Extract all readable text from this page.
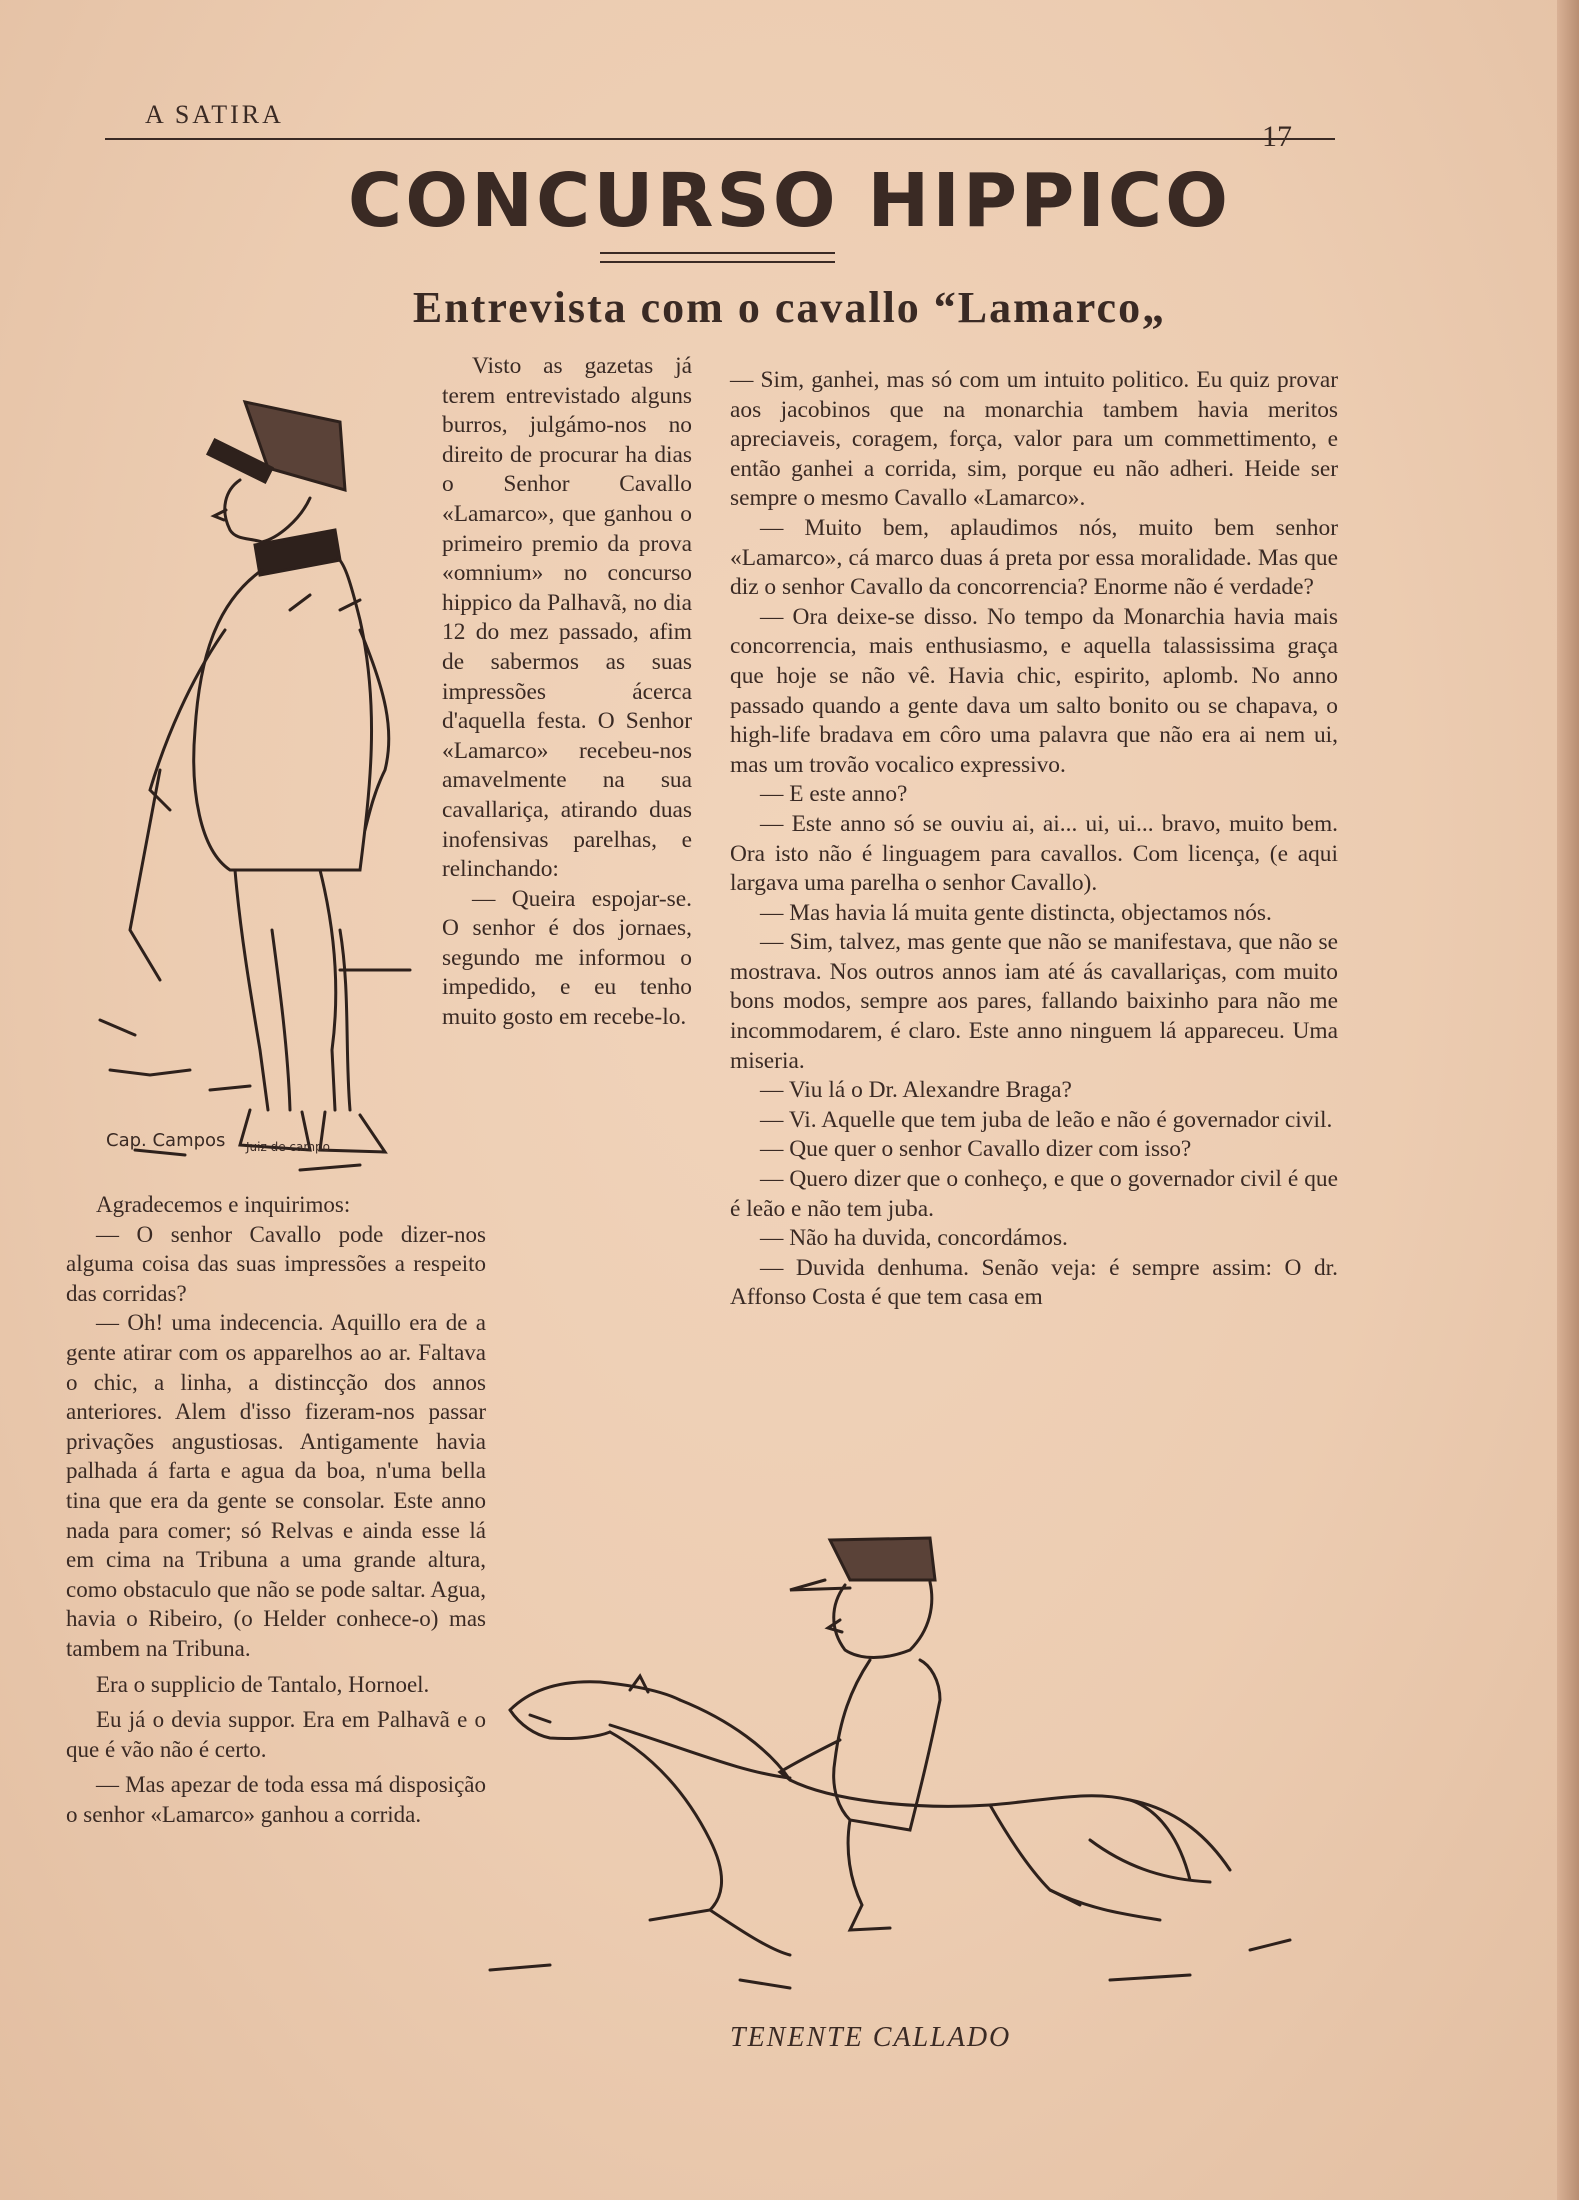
A SATIRA
17
CONCURSO HIPPICO
Entrevista com o cavallo “Lamarco„
Cap. Campos Juiz de campo

Visto as gazetas já terem entrevistado alguns burros, julgámo-nos no direito de procurar ha dias o Senhor Cavallo «Lamarco», que ganhou o primeiro premio da prova «omnium» no concurso hippico da Palhavã, no dia 12 do mez passado, afim de sabermos as suas impressões ácerca d'aquella festa. O Senhor «Lamarco» recebeu-nos amavelmente na sua cavallariça, atirando duas inofensivas parelhas, e relinchando:

— Queira espojar-se. O senhor é dos jornaes, segundo me informou o impedido, e eu tenho muito gosto em recebe-lo.

Agradecemos e inquirimos:

— O senhor Cavallo pode dizer-nos alguma coisa das suas impressões a respeito das corridas?

— Oh! uma indecencia. Aquillo era de a gente atirar com os apparelhos ao ar. Faltava o chic, a linha, a distincção dos annos anteriores. Alem d'isso fizeram-nos passar privações angustiosas. Antigamente havia palhada á farta e agua da boa, n'uma bella tina que era da gente se consolar. Este anno nada para comer; só Relvas e ainda esse lá em cima na Tribuna a uma grande altura, como obstaculo que não se pode saltar. Agua, havia o Ribeiro, (o Helder conhece-o) mas tambem na Tribuna.

Era o supplicio de Tantalo, Hornoel.

Eu já o devia suppor. Era em Palhavã e o que é vão não é certo.

— Mas apezar de toda essa má disposição o senhor «Lamarco» ganhou a corrida.

— Sim, ganhei, mas só com um intuito politico. Eu quiz provar aos jacobinos que na monarchia tambem havia meritos apreciaveis, coragem, força, valor para um commettimento, e então ganhei a corrida, sim, porque eu não adheri. Heide ser sempre o mesmo Cavallo «Lamarco».

— Muito bem, aplaudimos nós, muito bem senhor «Lamarco», cá marco duas á preta por essa moralidade. Mas que diz o senhor Cavallo da concorrencia? Enorme não é verdade?

— Ora deixe-se disso. No tempo da Monarchia havia mais concorrencia, mais enthusiasmo, e aquella talassissima graça que hoje se não vê. Havia chic, espirito, aplomb. No anno passado quando a gente dava um salto bonito ou se chapava, o high-life bradava em côro uma palavra que não era ai nem ui, mas um trovão vocalico expressivo.

— E este anno?

— Este anno só se ouviu ai, ai... ui, ui... bravo, muito bem. Ora isto não é linguagem para cavallos. Com licença, (e aqui largava uma parelha o senhor Cavallo).

— Mas havia lá muita gente distincta, objectamos nós.

— Sim, talvez, mas gente que não se manifestava, que não se mostrava. Nos outros annos iam até ás cavallariças, com muito bons modos, sempre aos pares, fallando baixinho para não me incommodarem, é claro. Este anno ninguem lá appareceu. Uma miseria.

— Viu lá o Dr. Alexandre Braga?

— Vi. Aquelle que tem juba de leão e não é governador civil.

— Que quer o senhor Cavallo dizer com isso?

— Quero dizer que o conheço, e que o governador civil é que é leão e não tem juba.

— Não ha duvida, concordámos.

— Duvida denhuma. Senão veja: é sempre assim: O dr. Affonso Costa é que tem casa em

TENENTE CALLADO
